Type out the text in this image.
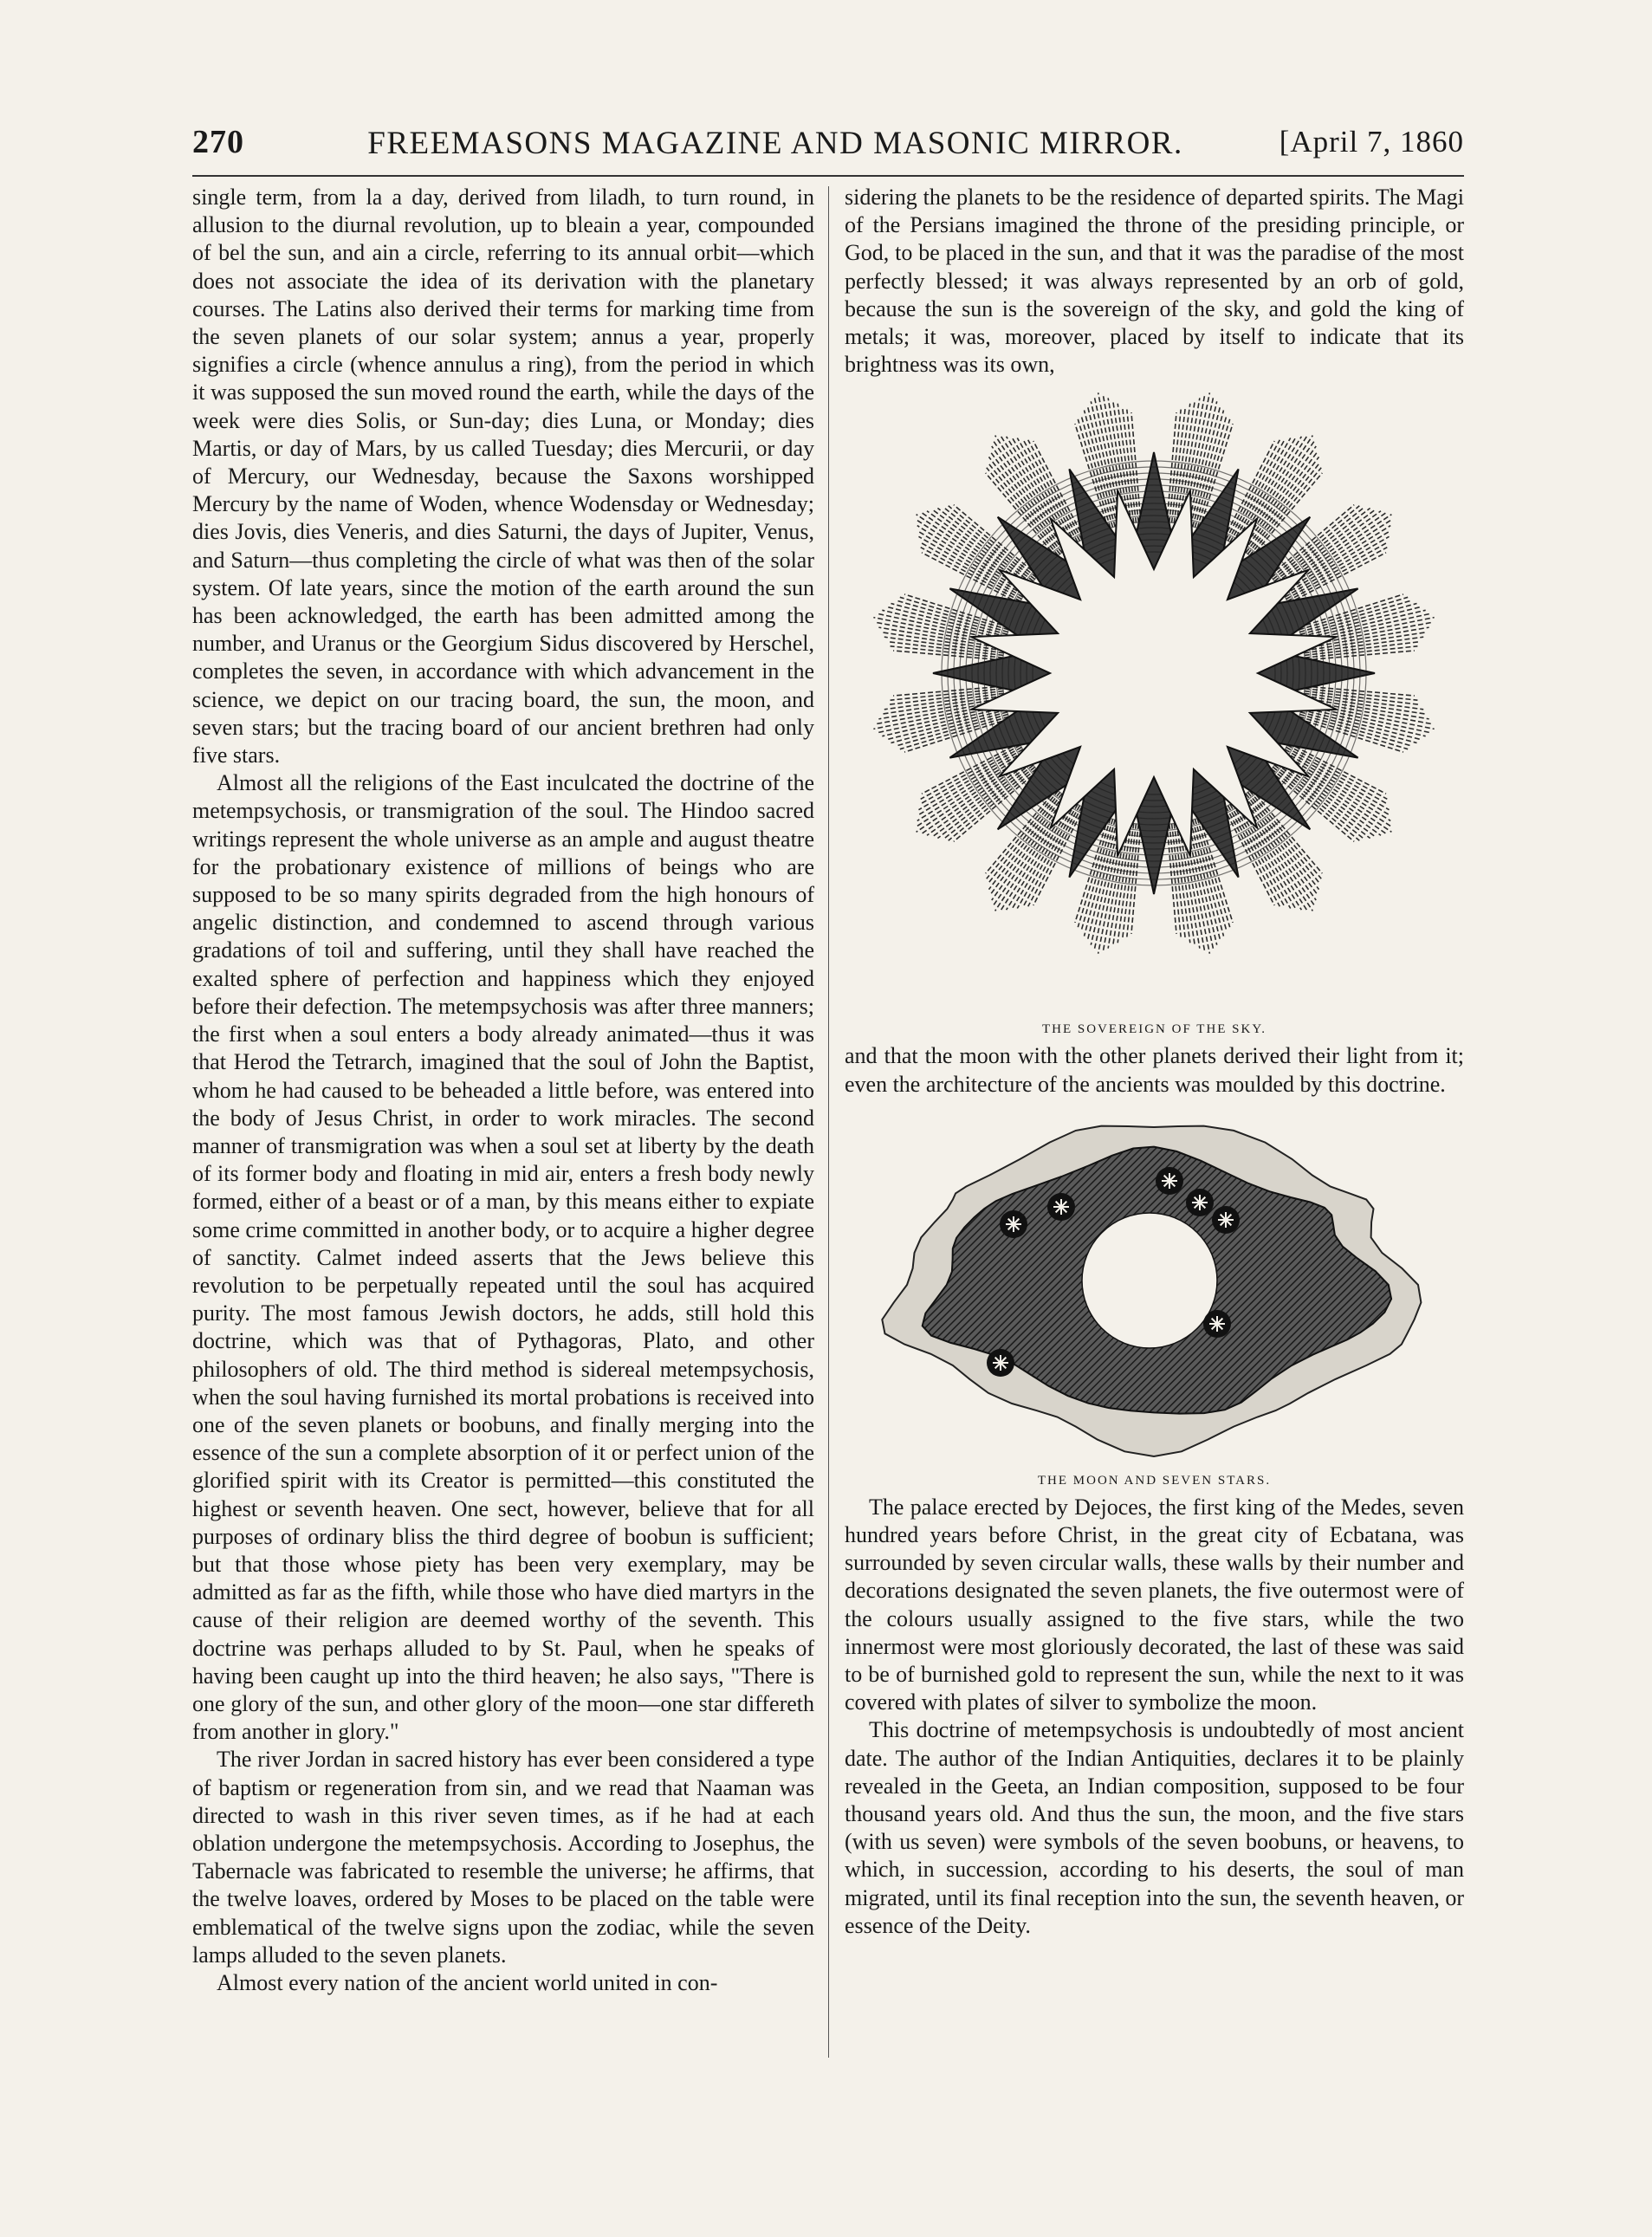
270	FREEMASONS MAGAZINE AND MASONIC MIRROR.	[April 7, 1860

single term, from la a day, derived from liladh, to turn round, in allusion to the diurnal revolution, up to bleain a year, compounded of bel the sun, and ain a circle, referring to its annual orbit—which does not associate the idea of its derivation with the planetary courses. The Latins also derived their terms for marking time from the seven planets of our solar system; annus a year, properly signifies a circle (whence annulus a ring), from the period in which it was supposed the sun moved round the earth, while the days of the week were dies Solis, or Sun-day; dies Luna, or Monday; dies Martis, or day of Mars, by us called Tuesday; dies Mercurii, or day of Mercury, our Wednesday, because the Saxons worshipped Mercury by the name of Woden, whence Wodensday or Wednesday; dies Jovis, dies Veneris, and dies Saturni, the days of Jupiter, Venus, and Saturn—thus completing the circle of what was then of the solar system. Of late years, since the motion of the earth around the sun has been acknowledged, the earth has been admitted among the number, and Uranus or the Georgium Sidus discovered by Herschel, completes the seven, in accordance with which advancement in the science, we depict on our tracing board, the sun, the moon, and seven stars; but the tracing board of our ancient brethren had only five stars.

Almost all the religions of the East inculcated the doctrine of the metempsychosis, or transmigration of the soul. The Hindoo sacred writings represent the whole universe as an ample and august theatre for the probationary existence of millions of beings who are supposed to be so many spirits degraded from the high honours of angelic distinction, and condemned to ascend through various gradations of toil and suffering, until they shall have reached the exalted sphere of perfection and happiness which they enjoyed before their defection. The metempsychosis was after three manners; the first when a soul enters a body already animated—thus it was that Herod the Tetrarch, imagined that the soul of John the Baptist, whom he had caused to be beheaded a little before, was entered into the body of Jesus Christ, in order to work miracles. The second manner of transmigration was when a soul set at liberty by the death of its former body and floating in mid air, enters a fresh body newly formed, either of a beast or of a man, by this means either to expiate some crime committed in another body, or to acquire a higher degree of sanctity. Calmet indeed asserts that the Jews believe this revolution to be perpetually repeated until the soul has acquired purity. The most famous Jewish doctors, he adds, still hold this doctrine, which was that of Pythagoras, Plato, and other philosophers of old. The third method is sidereal metempsychosis, when the soul having furnished its mortal probations is received into one of the seven planets or boobuns, and finally merging into the essence of the sun a complete absorption of it or perfect union of the glorified spirit with its Creator is permitted—this constituted the highest or seventh heaven. One sect, however, believe that for all purposes of ordinary bliss the third degree of boobun is sufficient; but that those whose piety has been very exemplary, may be admitted as far as the fifth, while those who have died martyrs in the cause of their religion are deemed worthy of the seventh. This doctrine was perhaps alluded to by St. Paul, when he speaks of having been caught up into the third heaven; he also says, "There is one glory of the sun, and other glory of the moon—one star differeth from another in glory."

The river Jordan in sacred history has ever been considered a type of baptism or regeneration from sin, and we read that Naaman was directed to wash in this river seven times, as if he had at each oblation undergone the metempsychosis. According to Josephus, the Tabernacle was fabricated to resemble the universe; he affirms, that the twelve loaves, ordered by Moses to be placed on the table were emblematical of the twelve signs upon the zodiac, while the seven lamps alluded to the seven planets.

Almost every nation of the ancient world united in con-

sidering the planets to be the residence of departed spirits. The Magi of the Persians imagined the throne of the presiding principle, or God, to be placed in the sun, and that it was the paradise of the most perfectly blessed; it was always represented by an orb of gold, because the sun is the sovereign of the sky, and gold the king of metals; it was, moreover, placed by itself to indicate that its brightness was its own,

THE SOVEREIGN OF THE SKY.

and that the moon with the other planets derived their light from it; even the architecture of the ancients was moulded by this doctrine.

THE MOON AND SEVEN STARS.

The palace erected by Dejoces, the first king of the Medes, seven hundred years before Christ, in the great city of Ecbatana, was surrounded by seven circular walls, these walls by their number and decorations designated the seven planets, the five outermost were of the colours usually assigned to the five stars, while the two innermost were most gloriously decorated, the last of these was said to be of burnished gold to represent the sun, while the next to it was covered with plates of silver to symbolize the moon.

This doctrine of metempsychosis is undoubtedly of most ancient date. The author of the Indian Antiquities, declares it to be plainly revealed in the Geeta, an Indian composition, supposed to be four thousand years old. And thus the sun, the moon, and the five stars (with us seven) were symbols of the seven boobuns, or heavens, to which, in succession, according to his deserts, the soul of man migrated, until its final reception into the sun, the seventh heaven, or essence of the Deity.
